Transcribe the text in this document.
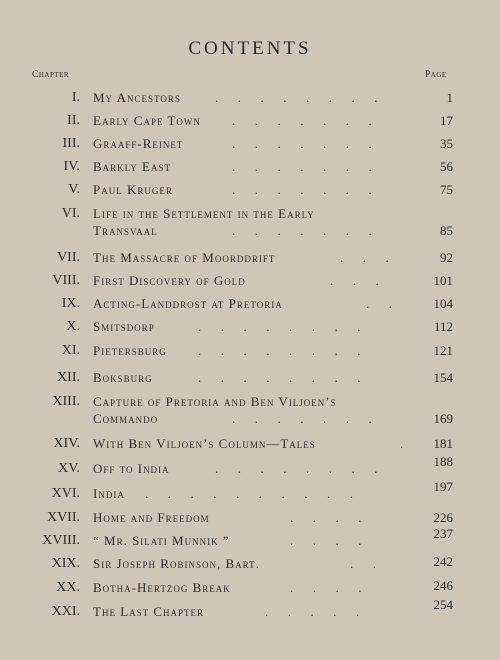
CONTENTS
Chapter	Page
I. My Ancestors	.      .      .      .      .      .      .      .	1
II. Early Cape Town	.      .      .      .      .      .      .	17
III. Graaff-Reinet	.      .      .      .      .      .      .	35
IV. Barkly East	.      .      .      .      .      .      .	56
V. Paul Kruger	.      .      .      .      .      .      .	75
VI. Life in the Settlement in the Early
Transvaal	.      .      .      .      .      .      .	85
VII. The Massacre of Moorddrift	.      .      .	92
VIII. First Discovery of Gold	.      .      .	101
IX. Acting-Landdrost at Pretoria	.      .	104
X. Smitsdorp	.      .      .      .      .      .      .      .	112
XI. Pietersburg	.      .      .      .      .      .      .      .	121
XII. Boksburg	.      .      .      .      .      .      .      .	154
XIII. Capture of Pretoria and Ben Viljoen’s
Commando	.      .      .      .      .      .      .	169
XIV. With Ben Viljoen’s Column—Tales	.	181
XV. Off to India	.      .      .      .      .      .      .      .	188
XVI. India	.      .      .      .      .      .      .      .      .      .	197
XVII. Home and Freedom	.      .      .      .	226
XVIII. “ Mr. Silati Munnik ”	.      .      .      .	237
XIX. Sir Joseph Robinson, Bart.	.      .	242
XX. Botha-Hertzog Break	.      .      .      .	246
XXI. The Last Chapter	.      .      .      .      .	254
